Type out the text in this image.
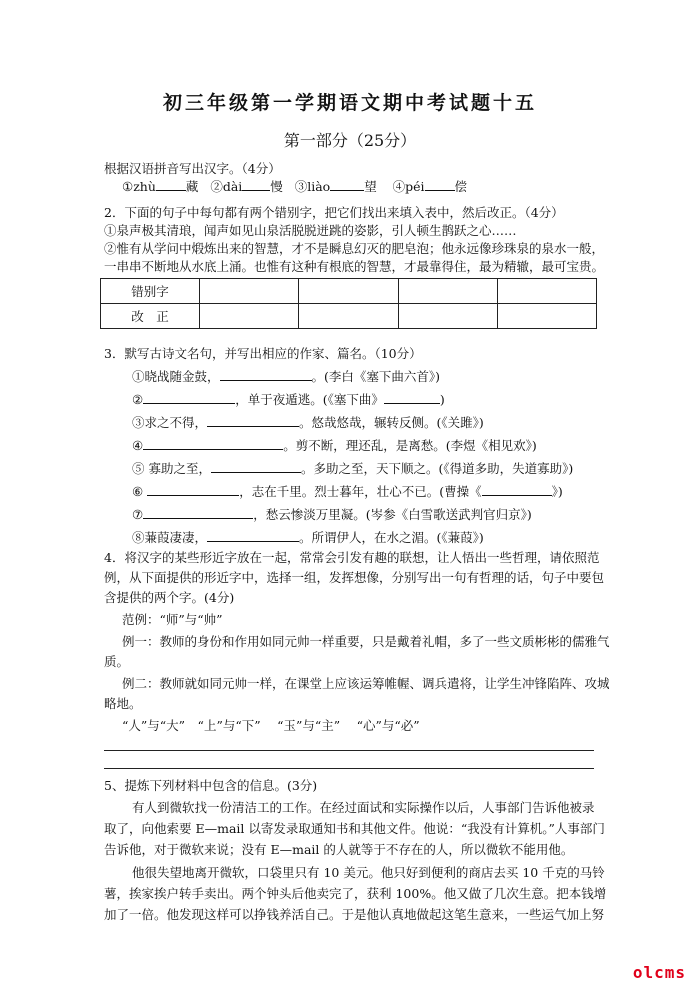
初三年级第一学期语文期中考试题十五
第一部分（25分）
根据汉语拼音写出汉字。（4分）
①zhù 藏 ②dài 慢 ③liào	望 ④péi 偿
2．下面的句子中每句都有两个错别字，把它们找出来填入表中，然后改正。（4分）
①泉声极其清琅，闻声如见山泉活脱脱迸跳的姿影，引人顿生鹊跃之心……
②惟有从学问中煅炼出来的智慧，才不是瞬息幻灭的肥皂泡；他永远像珍珠泉的泉水一般，
一串串不断地从水底上涌。也惟有这种有根底的智慧，才最靠得住，最为精辙，最可宝贵。
错别字				
改　正				
3．默写古诗文名句，并写出相应的作家、篇名。（10分）
①晓战随金鼓，	。(李白《塞下曲六首》)
②	，单于夜遁逃。(《塞下曲》	)
③求之不得，	。悠哉悠哉，辗转反侧。(《关雎》)
④	。剪不断，理还乱，是离愁。(李煜《相见欢》)
⑤ 寡助之至，	。多助之至，天下顺之。(《得道多助，失道寡助》)
⑥	，志在千里。烈士暮年，壮心不已。(曹操《	》)
⑦	，愁云惨淡万里凝。(岑参《白雪歌送武判官归京》)
⑧蒹葭凄凄，	。所谓伊人，在水之湄。(《蒹葭》)
4．将汉字的某些形近字放在一起，常常会引发有趣的联想，让人悟出一些哲理，请依照范
例，从下面提供的形近字中，选择一组，发挥想像，分别写出一句有哲理的话，句子中要包
含提供的两个字。(4分)
范例：“师”与“帅”
例一：教师的身份和作用如同元帅一样重要，只是戴着礼帽，多了一些文质彬彬的儒雅气
质。
例二：教师就如同元帅一样，在课堂上应该运筹帷幄、调兵遣将，让学生冲锋陷阵、攻城
略地。
“人”与“大”　“上”与“下”　 “玉”与“主”　 “心”与“必”
5、提炼下列材料中包含的信息。(3分)
有人到微软找一份清洁工的工作。在经过面试和实际操作以后，人事部门告诉他被录
取了，向他索要 E—mail 以寄发录取通知书和其他文件。他说：“我没有计算机。”人事部门
告诉他，对于微软来说；没有 E—mail 的人就等于不存在的人，所以微软不能用他。
他很失望地离开微软，口袋里只有 10 美元。他只好到便利的商店去买 10 千克的马铃
薯，挨家挨户转手卖出。两个钟头后他卖完了，获利 100%。他又做了几次生意。把本钱增
加了一倍。他发现这样可以挣钱养活自己。于是他认真地做起这笔生意来，一些运气加上努
olcms
